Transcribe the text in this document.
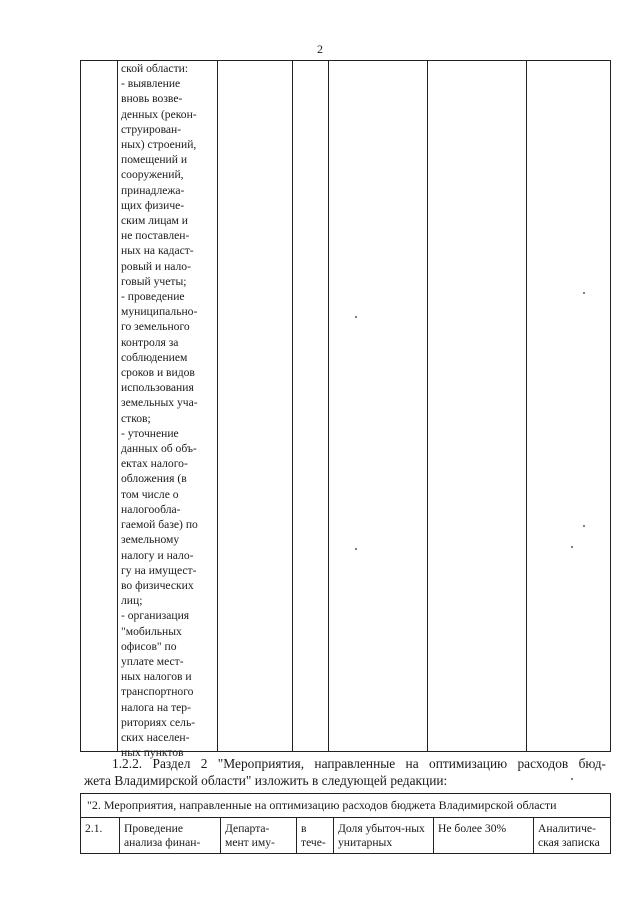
2
ской области:
- выявление
вновь возве-
денных (рекон-
струирован-
ных) строений,
помещений и
сооружений,
принадлежа-
щих физиче-
ским лицам и
не поставлен-
ных на кадаст-
ровый и нало-
говый учеты;
- проведение
муниципально-
го земельного
контроля за
соблюдением
сроков и видов
использования
земельных уча-
стков;
- уточнение
данных об объ-
ектах налого-
обложения (в
том числе о
налогообла-
гаемой базе) по
земельному
налогу и нало-
гу на имущест-
во физических
лиц;
- организация
"мобильных
офисов" по
уплате мест-
ных налогов и
транспортного
налога на тер-
риториях сель-
ских населен-
ных пунктов
1.2.2. Раздел 2 "Мероприятия, направленные на оптимизацию расходов бюд-
жета Владимирской области" изложить в следующей редакции:
"2. Мероприятия, направленные на оптимизацию расходов бюджета Владимирской области
2.1.	Проведение анализа финан-	Департа-мент иму-	в тече-	Доля убыточ-ных унитарных	Не более 30%	Аналитиче-ская записка
